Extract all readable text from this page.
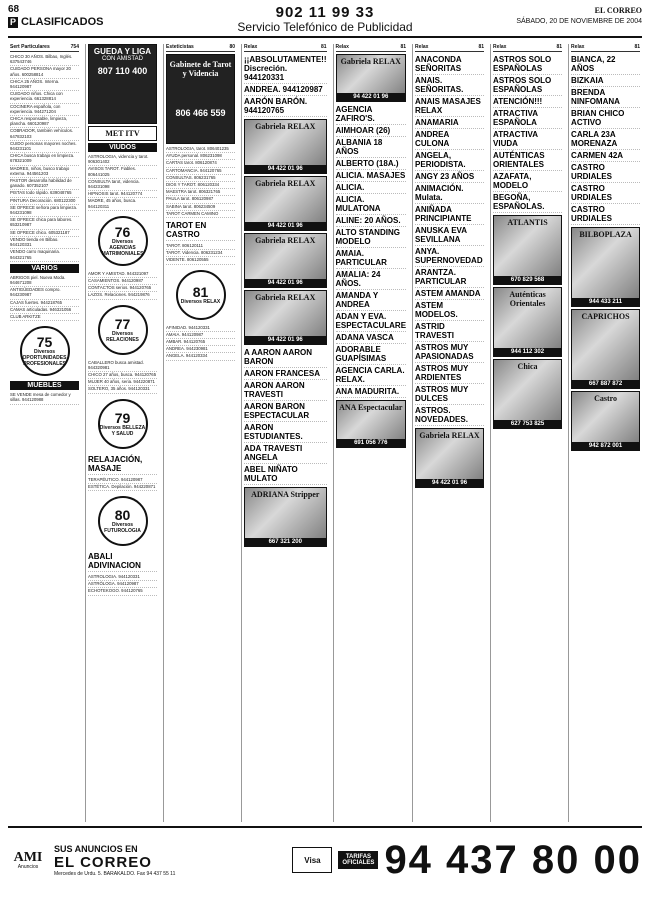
68
P CLASIFICADOS
902 11 99 33
Servicio Telefónico de Publicidad
EL CORREO
SÁBADO, 20 DE NOVIEMBRE DE 2004
Sert Particulares	754
CHICO 30 AÑOS. Bilbao, Inglés. 637543746
CUIDADO PERSONA mayor 20 años. 600258814
CHICA 25 AÑOS. Interna. 944120987
CUIDADO niños. Chica con experiencia. 661328814
COCINERA española, con experiencia. 944271204
CHICA responsable, limpieza, plancha. 660120987
COBRADOR, también vehículos. 647832103
CUIDO personas mayores noches. 944231101
CHICA busca trabajo en limpieza. 678321009
MADRES, niños, busco trabajo externa. 944561203
PASTOR desarrolla habilidad de ganado. 607352107
PISTAS todo rápido. 639048765
PINTURA Decoración. 680122300
SE OFRECE señora para limpieza. 944231098
SE OFRECE chica para labores. 653210987
SE OFRECE chico. 605321187
VENDO tienda en Bilbao. 944120331
VENDO carro maquinaria. 944321765
VARIOS
ABRIGOS piel. Nueva Moda. 944671208
ANTIGÜEDADES compro. 944230987
CAJAS fuertes. 944218765
CAMAS articuladas. 946321056
CLUB ARKITZE
75
Diversos OPORTUNIDADES PROFESIONALES
MUEBLES
SE VENDE mesa de comedor y sillas. 944120988
GUEDA Y LIGA
CON AMISTAD
807 110 400
MET ITV
VIUDOS
ASTROLOGIA, videncia y tarot. 906301402
AVISOS TAROT. Fiables. 806441025
CONSULTA tarot, videncia. 944231098
HIPNOSIS tarot. 944120774
MADRE, 45 años, busca. 944120311
76
Diversos AGENCIAS MATRIMONIALES
AMOR Y AMISTAD. 944321097
CASAMIENTOS. 944120987
CONTACTOS serios. 944120765
LAZOS. Relaciones. 944219876
77
Diversos RELACIONES
CABALLERO busca amistad. 944320981
CHICO 27 años, busca. 944120765
MUJER 40 años, seria. 944220871
SOLTERO, 35 años. 944120331
79
Diversos BELLEZA Y SALUD
RELAJACIÓN, MASAJE
TERAPÉUTICO. 944120987
ESTÉTICA. Depilación. 944220871
80
Diversos FUTUROLOGIA
ABALI ADIVINACION
ASTROLOGIA. 944120331
ASTRÓLOGA. 944120987
ECHOTEKOGO. 944120765
Esteticistas	80
Gabinete de Tarot y Videncia
806 466 559
ASTROLOGIA, tarot. 806401235
AYUDA personal. 806231098
CARTAS tarot. 806120874
CARTOMANCIA. 944120765
CONSULTAS. 806231765
DIOS Y TAROT. 806120334
MAESTRA tarot. 806321765
PAULA tarot. 806120987
SABINA tarot. 806234509
TAROT CARMEN CAMINO
TAROT EN CASTRO
TAROT. 806120111
TAROT. Videncia. 806231234
VIDENTE. 806120555
81
Diversos RELAX
AFINIDAD. 944120331
AMAIA. 944120987
AMBAR. 944120765
ANDREA. 944230981
ANGELA. 944120334
Relax	81
¡¡ABSOLUTAMENTE!! Discreción. 944120331
ANDREA. 944120987
AARÓN BARÓN. 944120765
Gabriela RELAX
94 422 01 96
Gabriela RELAX
94 422 01 96
Gabriela RELAX
94 422 01 96
Gabriela RELAX
94 422 01 96
A AARON AARON BARON
AARON FRANCESA
AARON AARON TRAVESTI
AARON BARON ESPECTACULAR
AARON ESTUDIANTES.
ADA TRAVESTI ANGELA
ABEL NIÑATO MULATO
ADRIANA Stripper
667 321 200
Relax	81
Gabriela RELAX
94 422 01 96
AGENCIA ZAFIRO'S.
AIMHOAR (26)
ALBANIA 18 AÑOS
ALBERTO (18A.)
ALICIA. MASAJES
ALICIA.
ALICIA. MULATONA
ALINE: 20 AÑOS.
ALTO STANDING MODELO
AMAIA. PARTICULAR
AMALIA: 24 AÑOS.
AMANDA Y ANDREA
ADAN Y EVA. ESPECTACULARE
ADANA VASCA
ADORABLE GUAPÍSIMAS
AGENCIA CARLA. RELAX.
ANA MADURITA.
ANA Espectacular
691 056 776
Relax	81
ANACONDA SEÑORITAS
ANAIS. SEÑORITAS.
ANAIS MASAJES RELAX
ANAMARIA
ANDREA CULONA
ANGELA, PERIODISTA.
ANGY 23 AÑOS
ANIMACIÓN. Mulata.
ANIÑADA PRINCIPIANTE
ANUSKA EVA SEVILLANA
ANYA. SUPERNOVEDAD
ARANTZA. PARTICULAR
ASTEM AMANDA
ASTEM MODELOS.
ASTRID TRAVESTI
ASTROS MUY APASIONADAS
ASTROS MUY ARDIENTES
ASTROS MUY DULCES
ASTROS. NOVEDADES.
Gabriela RELAX
94 422 01 96
Relax	81
ASTROS SOLO ESPAÑOLAS
ASTROS SOLO ESPAÑOLAS
ATENCIÓN!!!
ATRACTIVA ESPAÑOLA
ATRACTIVA VIUDA
AUTÉNTICAS ORIENTALES
AZAFATA, MODELO
BEGOÑA, ESPAÑOLAS.
ATLANTIS
670 829 568
Auténticas Orientales
944 112 302
Chica
627 753 825
Relax	81
BIANCA, 22 AÑOS
BIZKAIA
BRENDA NINFOMANA
BRIAN CHICO ACTIVO
CARLA 23A MORENAZA
CARMEN 42A
CASTRO URDIALES
CASTRO URDIALES
CASTRO URDIALES
BILBOPLAZA
944 433 211
CAPRICHOS
667 887 872
Castro
942 872 001
AMI
Anuncios
SUS ANUNCIOS EN
EL CORREO
Mercedes de Urdu. 5. BARAKALDO. Fax 94 437 55 11
Visa	TARIFAS OFICIALES 94 437 80 00
